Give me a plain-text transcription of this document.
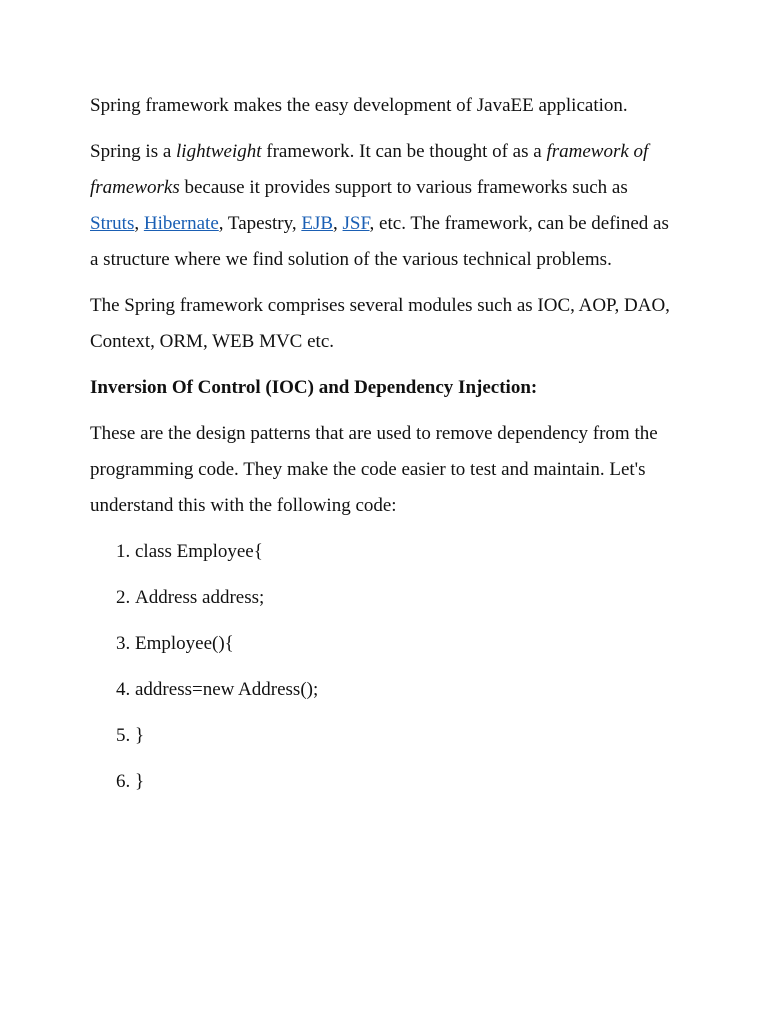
Spring framework makes the easy development of JavaEE application.

Spring is a lightweight framework. It can be thought of as a framework of frameworks because it provides support to various frameworks such as Struts, Hibernate, Tapestry, EJB, JSF, etc. The framework, can be defined as a structure where we find solution of the various technical problems.

The Spring framework comprises several modules such as IOC, AOP, DAO, Context, ORM, WEB MVC etc.

Inversion Of Control (IOC) and Dependency Injection:

These are the design patterns that are used to remove dependency from the programming code. They make the code easier to test and maintain. Let's understand this with the following code:

1. class Employee{
2. Address address;
3. Employee(){
4. address=new Address();
5. }
6. }
